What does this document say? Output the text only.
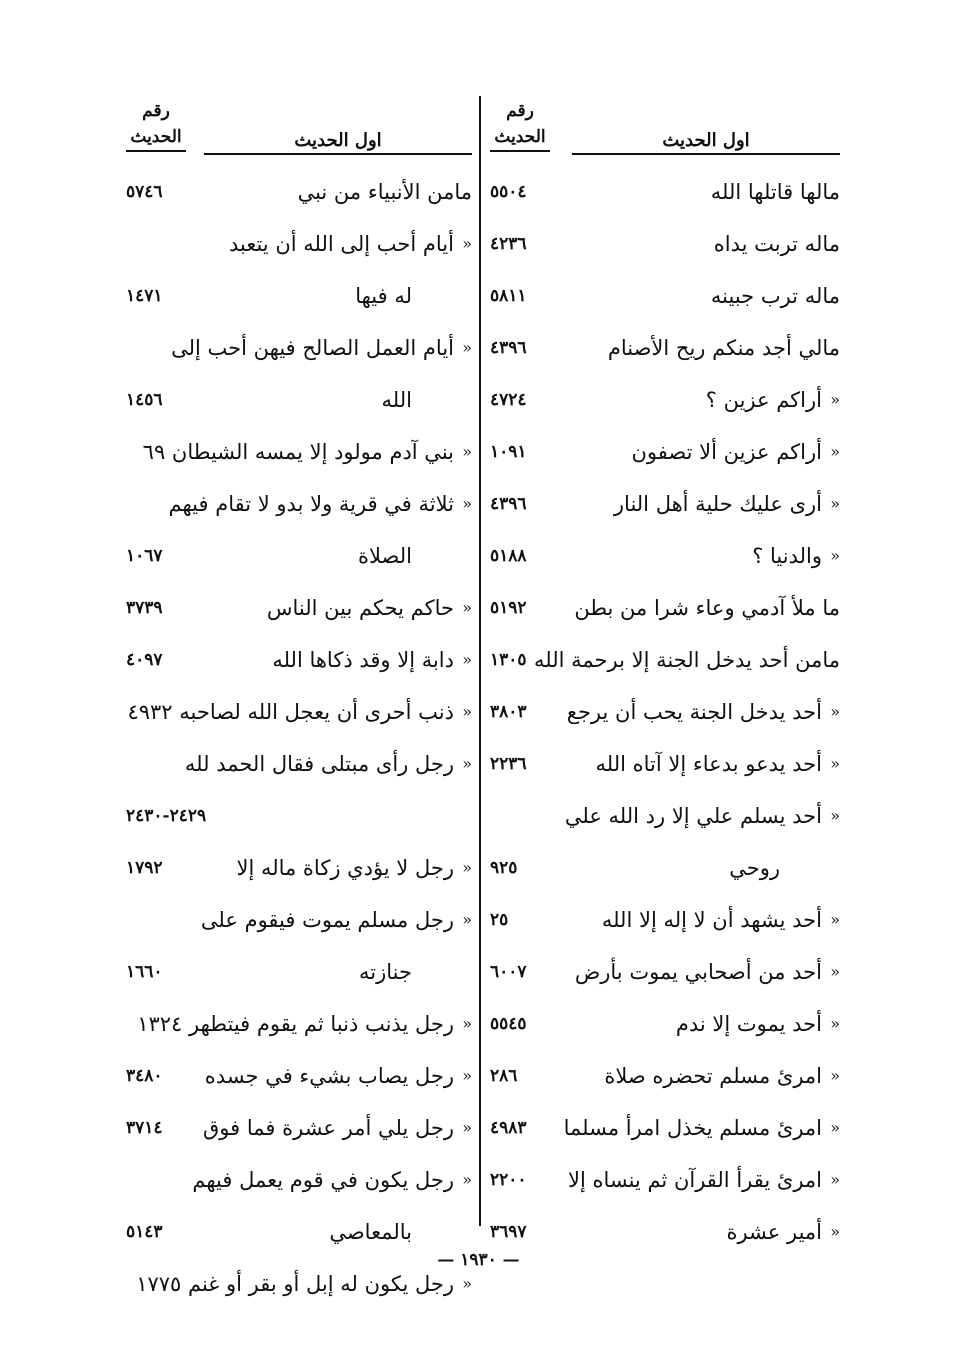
رقم
الحديث	اول الحديث
مالها قاتلها الله
٥٥٠٤
ماله تربت يداه
٤٢٣٦
ماله ترب جبينه
٥٨١١
مالي أجد منكم ريح الأصنام
٤٣٩٦
«
أراكم عزين ؟
٤٧٢٤
«
أراكم عزين ألا تصفون
١٠٩١
«
أرى عليك حلية أهل النار
٤٣٩٦
«
والدنيا ؟
٥١٨٨
ما ملأ آدمي وعاء شرا من بطن
٥١٩٢
مامن أحد يدخل الجنة إلا برحمة الله
١٣٠٥
«
أحد يدخل الجنة يحب أن يرجع
٣٨٠٣
«
أحد يدعو بدعاء إلا آتاه الله
٢٢٣٦
«
أحد يسلم علي إلا رد الله علي
روحي
٩٢٥
«
أحد يشهد أن لا إله إلا الله
٢٥
«
أحد من أصحابي يموت بأرض
٦٠٠٧
«
أحد يموت إلا ندم
٥٥٤٥
«
امرئ مسلم تحضره صلاة
٢٨٦
«
امرئ مسلم يخذل امرأ مسلما
٤٩٨٣
«
امرئ يقرأ القرآن ثم ينساه إلا
٢٢٠٠
«
أمير عشرة
٣٦٩٧
رقم
الحديث	اول الحديث
مامن الأنبياء من نبي
٥٧٤٦
«
أيام أحب إلى الله أن يتعبد
له فيها
١٤٧١
«
أيام العمل الصالح فيهن أحب إلى
الله
١٤٥٦
«
بني آدم مولود إلا يمسه الشيطان ٦٩
«
ثلاثة في قرية ولا بدو لا تقام فيهم
الصلاة
١٠٦٧
«
حاكم يحكم بين الناس
٣٧٣٩
«
دابة إلا وقد ذكاها الله
٤٠٩٧
«
ذنب أحرى أن يعجل الله لصاحبه ٤٩٣٢
«
رجل رأى مبتلى فقال الحمد لله
٢٤٢٩-٢٤٣٠
«
رجل لا يؤدي زكاة ماله إلا
١٧٩٢
«
رجل مسلم يموت فيقوم على
جنازته
١٦٦٠
«
رجل يذنب ذنبا ثم يقوم فيتطهر ١٣٢٤
«
رجل يصاب بشيء في جسده
٣٤٨٠
«
رجل يلي أمر عشرة فما فوق
٣٧١٤
«
رجل يكون في قوم يعمل فيهم
بالمعاصي
٥١٤٣
«
رجل يكون له إبل أو بقر أو غنم ١٧٧٥
— ١٩٣٠ —
